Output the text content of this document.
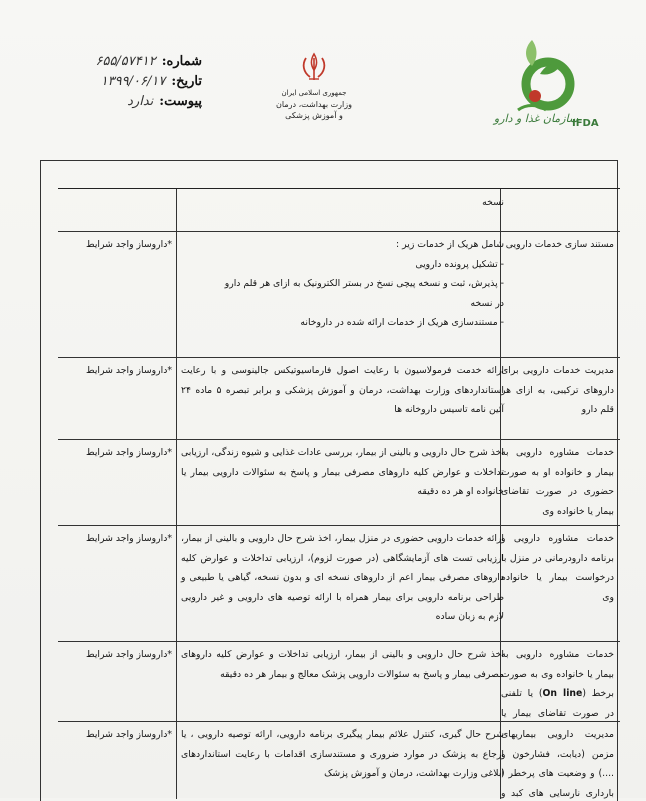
شماره:
۶۵۵/۵۷۴۱۲
تاریخ:
۱۳۹۹/۰۶/۱۷
پیوست:
ندارد
جمهوری اسلامی ایران
وزارت بهداشت، درمان
و آموزش پزشکی	سازمان غذا و دارو
IFDA
نسخه
مستند سازی خدمات دارویی
شامل هریک از خدمات زیر :
- تشکیل پرونده دارویی
- پذیرش، ثبت و نسخه پیچی نسخ در بستر الکترونیک به ازای هر قلم دارو
در نسخه
- مستندسازی هریک از خدمات ارائه شده در داروخانه
*داروساز واجد شرایط
مدیریت خدمات دارویی برای داروهای ترکیبی، به ازای هر قلم دارو
ارائه خدمت فرمولاسیون با رعایت اصول فارماسیوتیکس جالینوسی و با رعایت استانداردهای وزارت بهداشت، درمان و آموزش پزشکی و برابر تبصره ۵ ماده ۲۴ آئین نامه تاسیس داروخانه ها
*داروساز واجد شرایط
خدمات مشاوره دارویی به بیمار و خانواده او به صورت حضوری در صورت تقاضای بیمار یا خانواده وی
اخذ شرح حال دارویی و بالینی از بیمار، بررسی عادات غذایی و شیوه زندگی، ارزیابی تداخلات و عوارض کلیه داروهای مصرفی بیمار و پاسخ به سئوالات دارویی بیمار یا خانواده او هر ده دقیقه
*داروساز واجد شرایط
خدمات مشاوره دارویی و برنامه دارودرمانی در منزل با درخواست بیمار یا خانواده وی
ارائه خدمات دارویی حضوری در منزل بیمار، اخذ شرح حال دارویی و بالینی از بیمار، ارزیابی تست های آزمایشگاهی (در صورت لزوم)، ارزیابی تداخلات و عوارض کلیه داروهای مصرفی بیمار اعم از داروهای نسخه ای و بدون نسخه، گیاهی یا طبیعی و طراحی برنامه دارویی برای بیمار همراه با ارائه توصیه های دارویی و غیر دارویی لازم به زبان ساده
*داروساز واجد شرایط
خدمات مشاوره دارویی به بیمار یا خانواده وی به صورت برخط (On line) یا تلفنی در صورت تقاضای بیمار یا
اخذ شرح حال دارویی و بالینی از بیمار، ارزیابی تداخلات و عوارض کلیه داروهای مصرفی بیمار و پاسخ به سئوالات دارویی پزشک معالج و بیمار هر ده دقیقه
*داروساز واجد شرایط
مدیریت دارویی بیماریهای مزمن (دیابت، فشارخون و ....) و وضعیت های پرخطر ( بارداری نارسایی های کبد و
شرح حال گیری، کنترل علائم بیمار پیگیری برنامه دارویی، ارائه توصیه دارویی ، یا ارجاع به پزشک در موارد ضروری و مستندسازی اقدامات با رعایت استانداردهای ابلاغی وزارت بهداشت، درمان و آموزش پزشک
*داروساز واجد شرایط
